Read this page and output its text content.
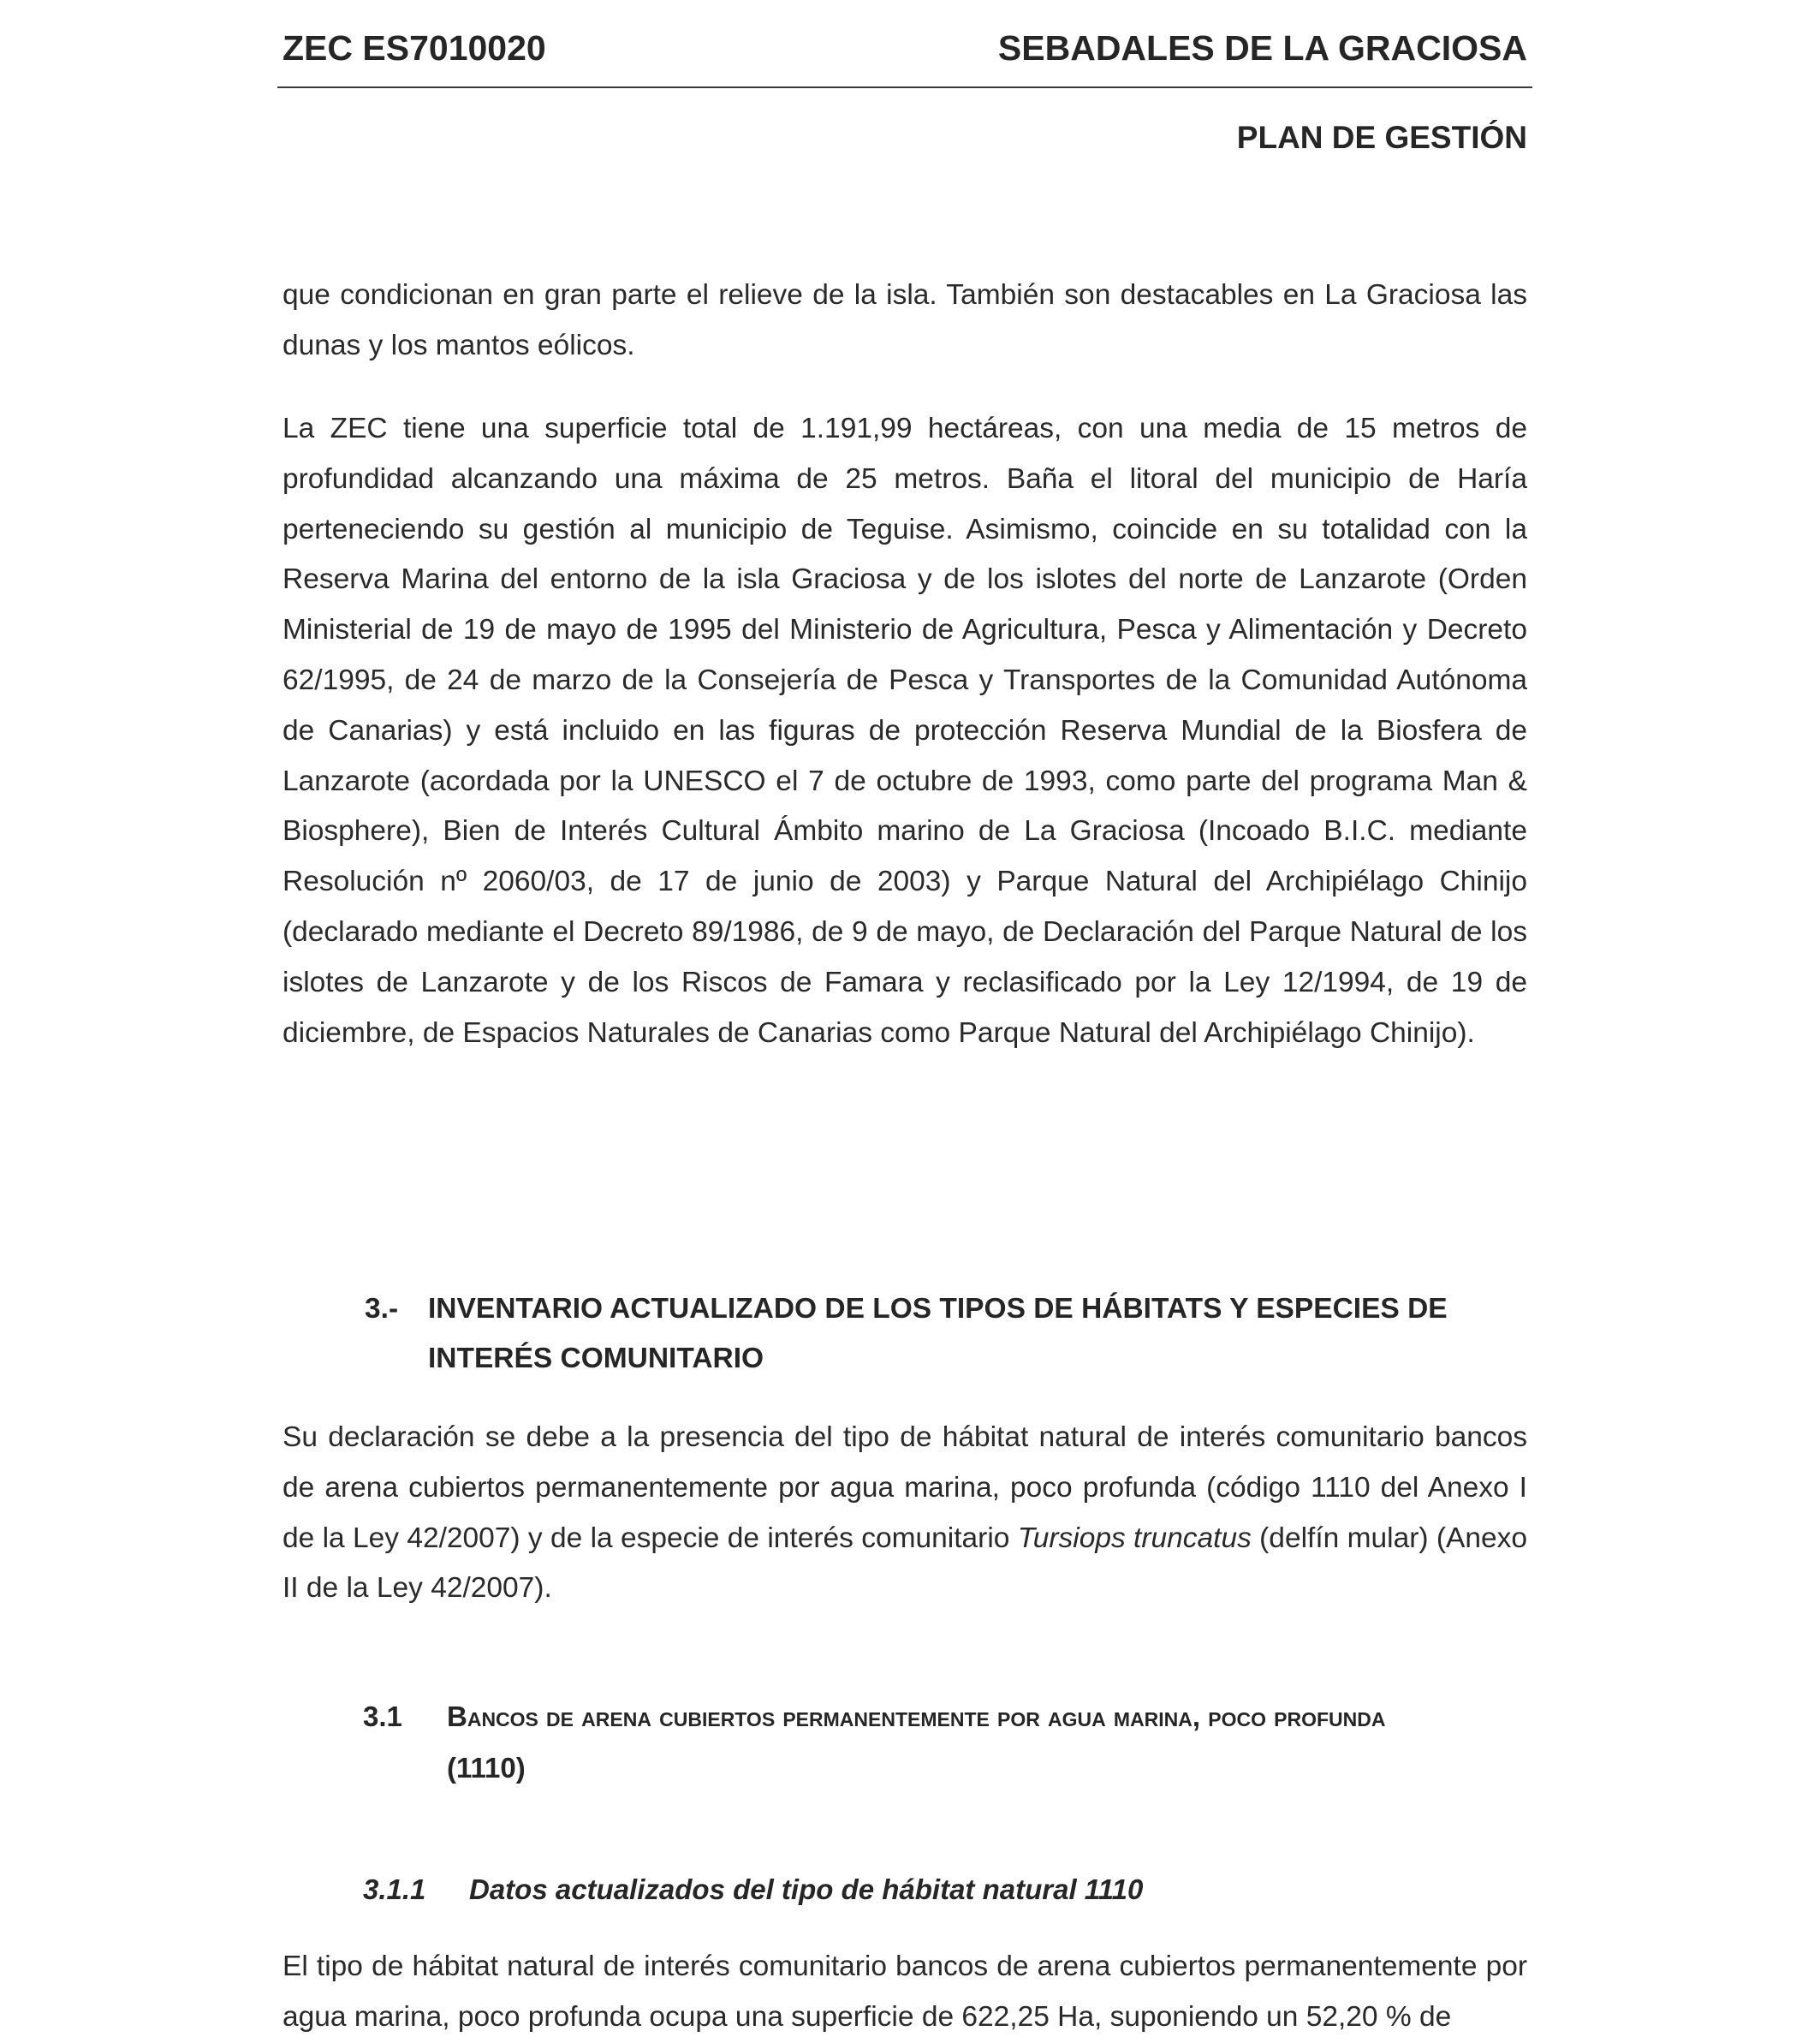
ZEC ES7010020	SEBADALES DE LA GRACIOSA
PLAN DE GESTIÓN

que condicionan en gran parte el relieve de la isla. También son destacables en La Graciosa las dunas y los mantos eólicos.

La ZEC tiene una superficie total de 1.191,99 hectáreas, con una media de 15 metros de profundidad alcanzando una máxima de 25 metros. Baña el litoral del municipio de Haría perteneciendo su gestión al municipio de Teguise. Asimismo, coincide en su totalidad con la Reserva Marina del entorno de la isla Graciosa y de los islotes del norte de Lanzarote (Orden Ministerial de 19 de mayo de 1995 del Ministerio de Agricultura, Pesca y Alimentación y Decreto 62/1995, de 24 de marzo de la Consejería de Pesca y Transportes de la Comunidad Autónoma de Canarias) y está incluido en las figuras de protección Reserva Mundial de la Biosfera de Lanzarote (acordada por la UNESCO el 7 de octubre de 1993, como parte del programa Man & Biosphere), Bien de Interés Cultural Ámbito marino de La Graciosa (Incoado B.I.C. mediante Resolución nº 2060/03, de 17 de junio de 2003) y Parque Natural del Archipiélago Chinijo (declarado mediante el Decreto 89/1986, de 9 de mayo, de Declaración del Parque Natural de los islotes de Lanzarote y de los Riscos de Famara y reclasificado por la Ley 12/1994, de 19 de diciembre, de Espacios Naturales de Canarias como Parque Natural del Archipiélago Chinijo).

3.-	INVENTARIO ACTUALIZADO DE LOS TIPOS DE HÁBITATS Y ESPECIES DE INTERÉS COMUNITARIO

Su declaración se debe a la presencia del tipo de hábitat natural de interés comunitario bancos de arena cubiertos permanentemente por agua marina, poco profunda (código 1110 del Anexo I de la Ley 42/2007) y de la especie de interés comunitario Tursiops truncatus (delfín mular) (Anexo II de la Ley 42/2007).

3.1	Bancos de arena cubiertos permanentemente por agua marina, poco profunda (1110)
3.1.1	Datos actualizados del tipo de hábitat natural 1110

El tipo de hábitat natural de interés comunitario bancos de arena cubiertos permanentemente por agua marina, poco profunda ocupa una superficie de 622,25 Ha, suponiendo un 52,20 % de
